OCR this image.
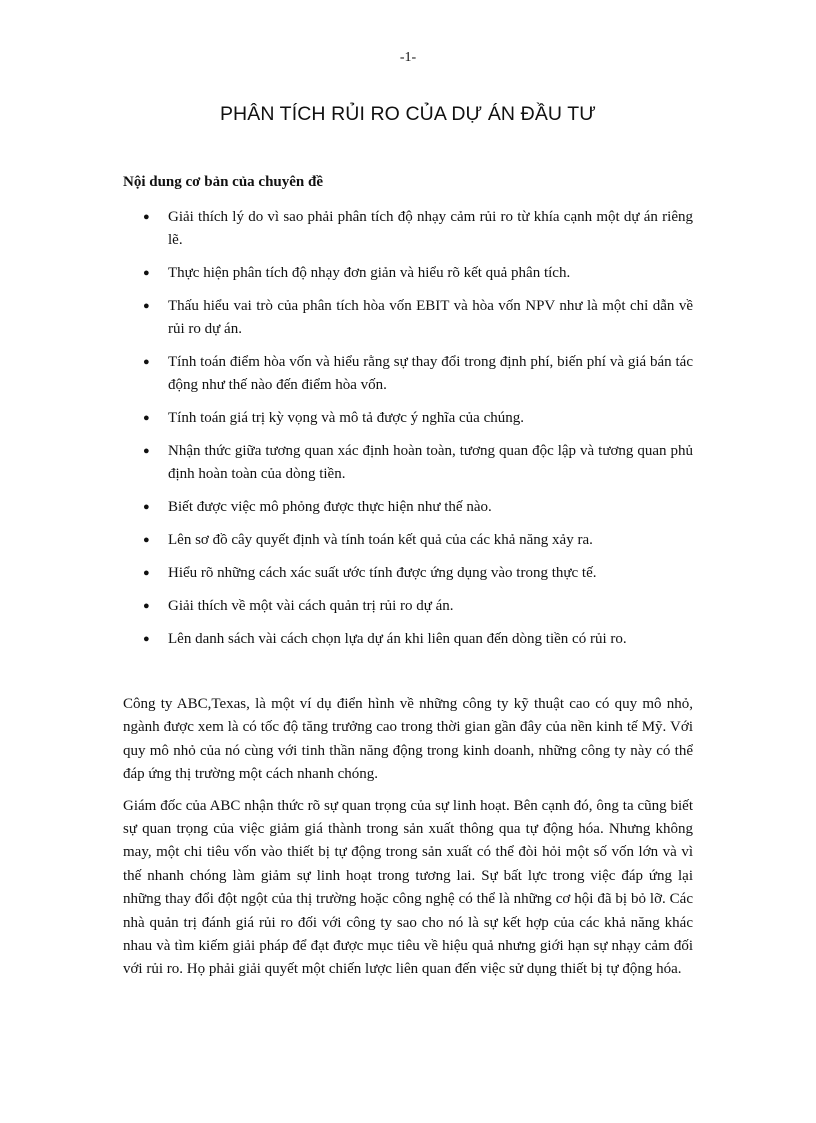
-1-
PHÂN TÍCH RỦI RO CỦA DỰ ÁN ĐẦU TƯ
Nội dung cơ bản của chuyên đề
● Giải thích lý do vì sao phải phân tích độ nhạy cảm rủi ro từ khía cạnh một dự án riêng lẽ.
● Thực hiện phân tích độ nhạy đơn giản và hiểu rõ kết quả phân tích.
● Thấu hiểu vai trò của phân tích hòa vốn EBIT và hòa vốn NPV như là một chỉ dẫn về rủi ro dự án.
● Tính toán điểm hòa vốn và hiểu rằng sự thay đổi trong định phí, biến phí và giá bán tác động như thế nào đến điểm hòa vốn.
● Tính toán giá trị kỳ vọng và mô tả được ý nghĩa của chúng.
● Nhận thức giữa tương quan xác định hoàn toàn, tương quan độc lập và tương quan phủ định hoàn toàn của dòng tiền.
● Biết được việc mô phỏng được thực hiện như thế nào.
● Lên sơ đồ cây quyết định và tính toán kết quả của các khả năng xảy ra.
● Hiểu rõ những cách xác suất ước tính được ứng dụng vào trong thực tế.
● Giải thích về một vài cách quản trị rủi ro dự án.
● Lên danh sách vài cách chọn lựa dự án khi liên quan đến dòng tiền có rủi ro.

Công ty ABC,Texas, là một ví dụ điển hình về những công ty kỹ thuật cao có quy mô nhỏ, ngành được xem là có tốc độ tăng trưởng cao trong thời gian gần đây của nền kinh tế Mỹ. Với quy mô nhỏ của nó cùng với tinh thần năng động trong kinh doanh, những công ty này có thể đáp ứng thị trường một cách nhanh chóng.

Giám đốc của ABC nhận thức rõ sự quan trọng của sự linh hoạt. Bên cạnh đó, ông ta cũng biết sự quan trọng của việc giảm giá thành trong sản xuất thông qua tự động hóa. Nhưng không may, một chi tiêu vốn vào thiết bị tự động trong sản xuất có thể đòi hỏi một số vốn lớn và vì thế nhanh chóng làm giảm sự linh hoạt trong tương lai. Sự bất lực trong việc đáp ứng lại những thay đổi đột ngột của thị trường hoặc công nghệ có thể là những cơ hội đã bị bỏ lỡ. Các nhà quản trị đánh giá rủi ro đối với công ty sao cho nó là sự kết hợp của các khả năng khác nhau và tìm kiếm giải pháp để đạt được mục tiêu về hiệu quả nhưng giới hạn sự nhạy cảm đối với rủi ro. Họ phải giải quyết một chiến lược liên quan đến việc sử dụng thiết bị tự động hóa.
